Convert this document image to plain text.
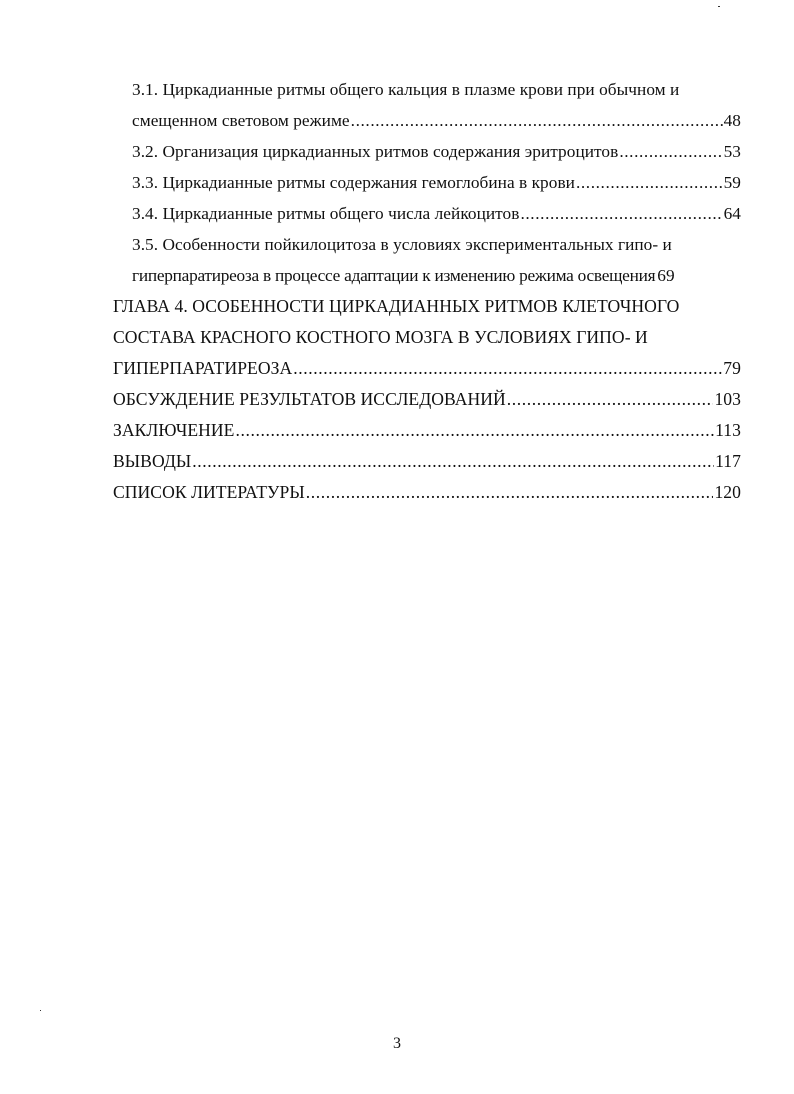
3.1. Циркадианные ритмы общего кальция в плазме крови при обычном и
смещенном световом режиме .....	48
3.2. Организация циркадианных ритмов содержания эритроцитов .....	53
3.3. Циркадианные ритмы содержания гемоглобина в крови .....	59
3.4. Циркадианные ритмы общего числа лейкоцитов .....	64
3.5. Особенности пойкилоцитоза в условиях экспериментальных гипо- и
гиперпаратиреоза в процессе адаптации к изменению режима освещения 69
ГЛАВА 4. ОСОБЕННОСТИ ЦИРКАДИАННЫХ РИТМОВ КЛЕТОЧНОГО
СОСТАВА КРАСНОГО КОСТНОГО МОЗГА В УСЛОВИЯХ ГИПО- И
ГИПЕРПАРАТИРЕОЗА .....	79
ОБСУЖДЕНИЕ РЕЗУЛЬТАТОВ ИССЛЕДОВАНИЙ .....	103
ЗАКЛЮЧЕНИЕ .....	113
ВЫВОДЫ .....	117
СПИСОК ЛИТЕРАТУРЫ .....	120
3
